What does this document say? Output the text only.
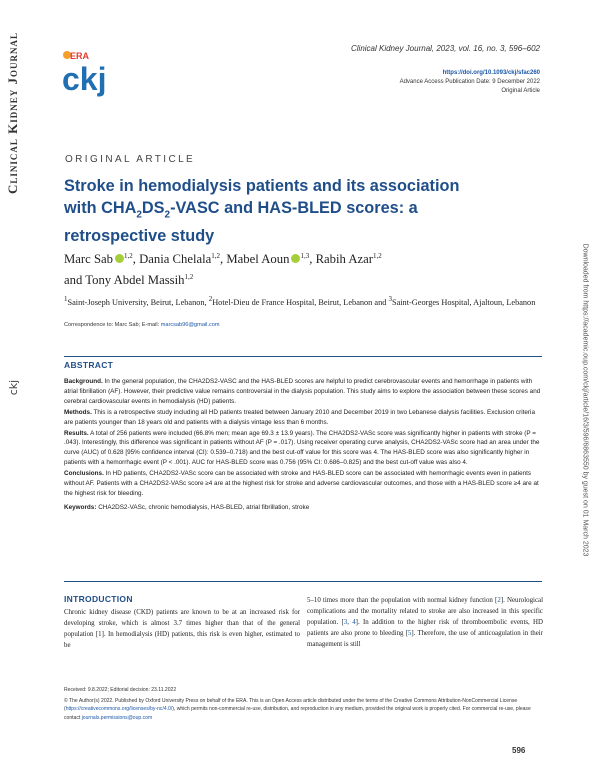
Clinical Kidney Journal
ckj	Downloaded from https://academic.oup.com/ckj/article/16/3/596/6863550 by guest on 01 March 2023
ERA
ckj
Clinical Kidney Journal, 2023, vol. 16, no. 3, 596–602
https://doi.org/10.1093/ckj/sfac260
Advance Access Publication Date: 9 December 2022
Original Article
ORIGINAL ARTICLE
Stroke in hemodialysis patients and its association
with $CHA_2DS_2$-VASC and HAS-BLED scores: a
retrospective study
Marc Sab $^{1,2}$, Dania Chelala$^{1,2}$, Mabel Aoun $^{1,3}$, Rabih Azar$^{1,2}$
and Tony Abdel Massih$^{1,2}$
$^1$Saint-Joseph University, Beirut, Lebanon, $^2$Hotel-Dieu de France Hospital, Beirut, Lebanon and $^3$Saint-Georges Hospital, Ajaltoun, Lebanon
Correspondence to: Marc Sab; E-mail: marcsab96@gmail.com
ABSTRACT

Background. In the general population, the CHA2DS2-VASC and the HAS-BLED scores are helpful to predict cerebrovascular events and hemorrhage in patients with atrial fibrillation (AF). However, their predictive value remains controversial in the dialysis population. This study aims to explore the association between these scores and cerebral cardiovascular events in hemodialysis (HD) patients.

Methods. This is a retrospective study including all HD patients treated between January 2010 and December 2019 in two Lebanese dialysis facilities. Exclusion criteria are patients younger than 18 years old and patients with a dialysis vintage less than 6 months.

Results. A total of 256 patients were included (66.8% men; mean age 69.3 ± 13.9 years). The CHA2DS2-VASc score was significantly higher in patients with stroke (P = .043). Interestingly, this difference was significant in patients without AF (P = .017). Using receiver operating curve analysis, CHA2DS2-VASc score had an area under the curve (AUC) of 0.628 [95% confidence interval (CI): 0.539–0.718) and the best cut-off value for this score was 4. The HAS-BLED score was also significantly higher in patients with a hemorrhagic event (P < .001). AUC for HAS-BLED score was 0.756 (95% CI: 0.686–0.825) and the best cut-off value was also 4.

Conclusions. In HD patients, CHA2DS2-VASc score can be associated with stroke and HAS-BLED score can be associated with hemorrhagic events even in patients without AF. Patients with a CHA2DS2-VASc score ≥4 are at the highest risk for stroke and adverse cardiovascular outcomes, and those with a HAS-BLED score ≥4 are at the highest risk for bleeding.

Keywords: CHA2DS2-VASc, chronic hemodialysis, HAS-BLED, atrial fibrillation, stroke

INTRODUCTION

Chronic kidney disease (CKD) patients are known to be at an increased risk for developing stroke, which is almost 3.7 times higher than that of the general population [1]. In hemodialysis (HD) patients, this risk is even higher, estimated to be

5–10 times more than the population with normal kidney function [2]. Neurological complications and the mortality related to stroke are also increased in this specific population. [3, 4]. In addition to the higher risk of thromboembolic events, HD patients are also prone to bleeding [5]. Therefore, the use of anticoagulation in their management is still

Received: 9.8.2022; Editorial decision: 23.11.2022
© The Author(s) 2022. Published by Oxford University Press on behalf of the ERA. This is an Open Access article distributed under the terms of the Creative Commons Attribution-NonCommercial License (https://creativecommons.org/licenses/by-nc/4.0/), which permits non-commercial re-use, distribution, and reproduction in any medium, provided the original work is properly cited. For commercial re-use, please contact journals.permissions@oup.com
596
